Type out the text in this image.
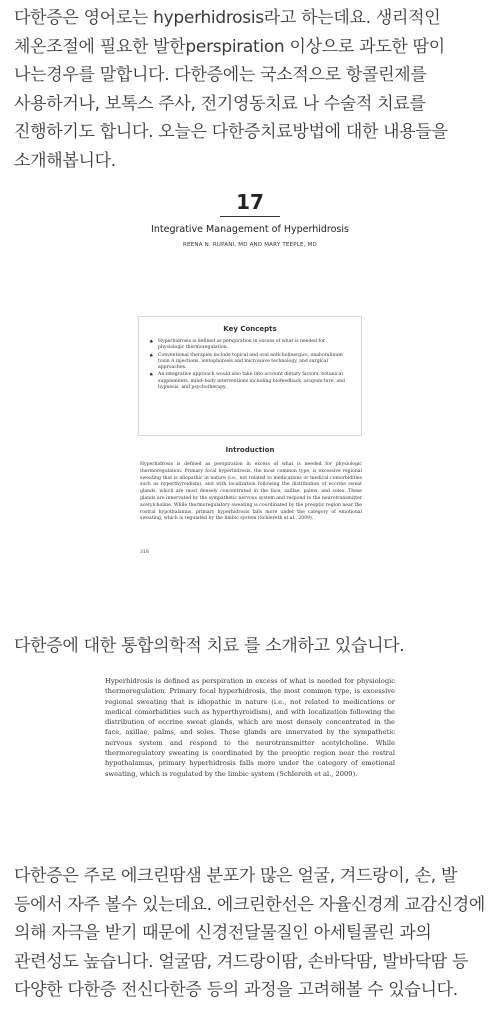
다한증은 영어로는 hyperhidrosis라고 하는데요. 생리적인 체온조절에 필요한 발한perspiration 이상으로 과도한 땀이 나는경우를 말합니다. 다한증에는 국소적으로 항콜린제를 사용하거나, 보톡스 주사, 전기영동치료 나 수술적 치료를 진행하기도 합니다. 오늘은 다한증치료방법에 대한 내용들을 소개해봅니다.
17
Integrative Management of Hyperhidrosis
REENA N. RUPANI, MD AND MARY TEEPLE, MD
Key Concepts
♠ Hyperhidrosis is defined as perspiration in excess of what is needed for physiologic thermoregulation.
♠ Conventional therapies include topical and oral anticholinergics, onabotulinum toxin A injections, iontophoresis and microwave technology, and surgical approaches.
♠ An integrative approach would also take into account dietary factors, botanical supplements, mind–body interventions including biofeedback, acupuncture, and hypnosis, and psychotherapy.
Introduction
Hyperhidrosis is defined as perspiration in excess of what is needed for physiologic thermoregulation. Primary focal hyperhidrosis, the most common type, is excessive regional sweating that is idiopathic in nature (i.e., not related to medications or medical comorbidities such as hyperthyroidism), and with localization following the distribution of eccrine sweat glands, which are most densely concentrated in the face, axillae, palms, and soles. These glands are innervated by the sympathetic nervous system and respond to the neurotransmitter acetylcholine. While thermoregulatory sweating is coordinated by the preoptic region near the rostral hypothalamus, primary hyperhidrosis falls more under the category of emotional sweating, which is regulated by the limbic system (Schlereth et al., 2009).
318
다한증에 대한 통합의학적 치료 를 소개하고 있습니다.
Hyperhidrosis is defined as perspiration in excess of what is needed for physiologic thermoregulation. Primary focal hyperhidrosis, the most common type, is excessive regional sweating that is idiopathic in nature (i.e., not related to medications or medical comorbidities such as hyperthyroidism), and with localization following the distribution of eccrine sweat glands, which are most densely concentrated in the face, axillae, palms, and soles. These glands are innervated by the sympathetic nervous system and respond to the neurotransmitter acetylcholine. While thermoregulatory sweating is coordinated by the preoptic region near the rostral hypothalamus, primary hyperhidrosis falls more under the category of emotional sweating, which is regulated by the limbic system (Schlereth et al., 2009).
다한증은 주로 에크린땀샘 분포가 많은 얼굴, 겨드랑이, 손, 발 등에서 자주 볼수 있는데요. 에크린한선은 자율신경계 교감신경에 의해 자극을 받기 때문에 신경전달물질인 아세틸콜린 과의 관련성도 높습니다. 얼굴땀, 겨드랑이땀, 손바닥땀, 발바닥땀 등 다양한 다한증 전신다한증 등의 과정을 고려해볼 수 있습니다.
